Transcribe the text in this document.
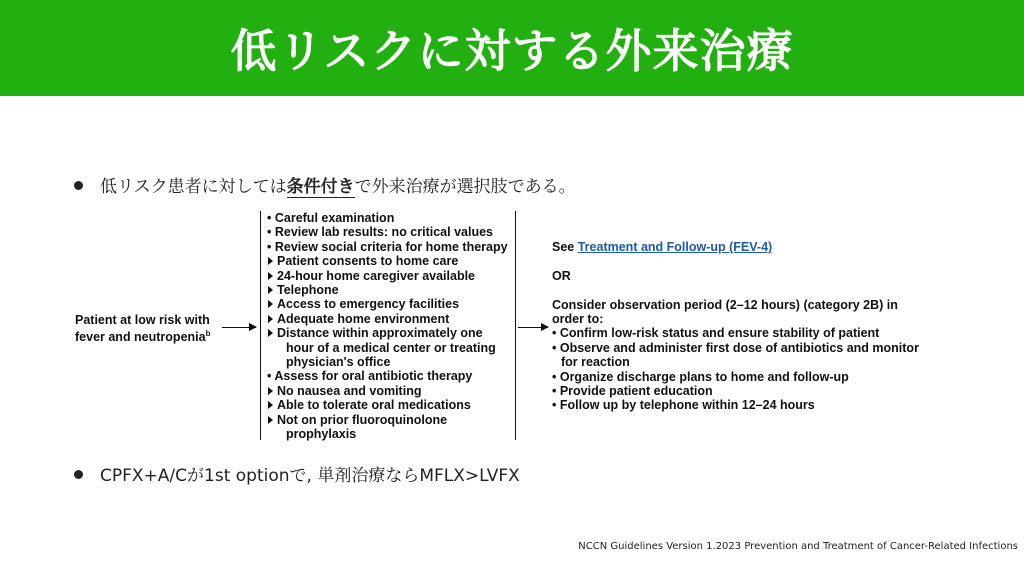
低リスクに対する外来治療
低リスク患者に対しては条件付きで外来治療が選択肢である。
Patient at low risk with
fever and neutropenia$^b$
• Careful examination
• Review lab results: no critical values
• Review social criteria for home therapy
Patient consents to home care
24-hour home caregiver available
Telephone
Access to emergency facilities
Adequate home environment
Distance within approximately one
hour of a medical center or treating
physician's office
• Assess for oral antibiotic therapy
No nausea and vomiting
Able to tolerate oral medications
Not on prior fluoroquinolone
prophylaxis
See Treatment and Follow-up (FEV-4)
OR
Consider observation period (2–12 hours) (category 2B) in
order to:
• Confirm low-risk status and ensure stability of patient
• Observe and administer first dose of antibiotics and monitor
for reaction
• Organize discharge plans to home and follow-up
• Provide patient education
• Follow up by telephone within 12–24 hours
CPFX+A/Cが1st optionで, 単剤治療ならMFLX>LVFX
NCCN Guidelines Version 1.2023 Prevention and Treatment of Cancer-Related Infections
